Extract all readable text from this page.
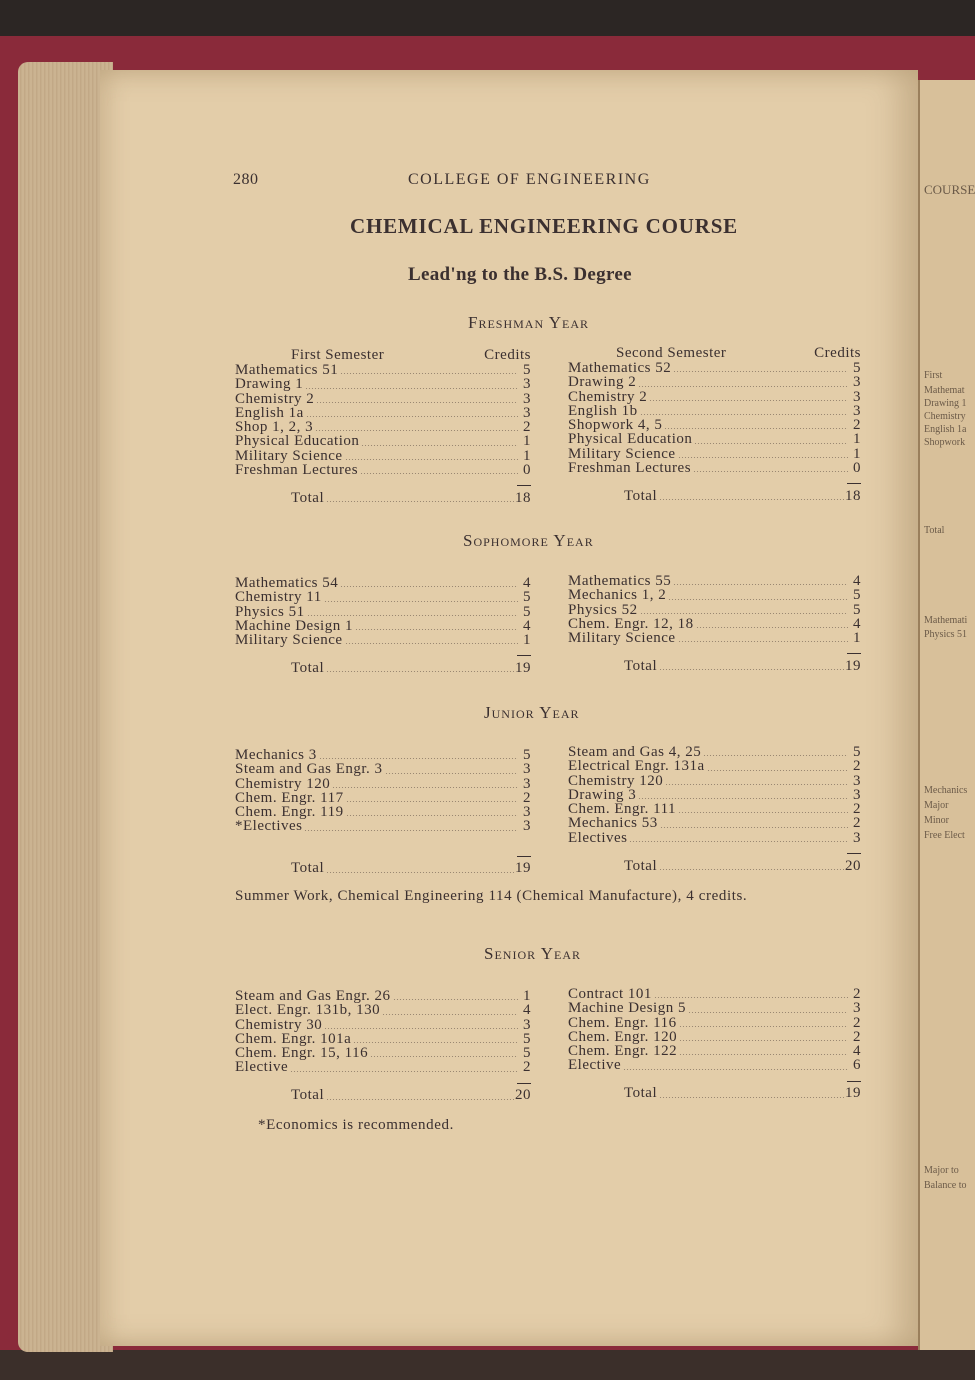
COURSE
First
Mathemat
Drawing 1
Chemistry
English 1a
Shopwork
Total
Mathemati
Physics 51
Mechanics
Major
Minor
Free Elect
Major to
Balance to
280	COLLEGE OF ENGINEERING
CHEMICAL ENGINEERING COURSE
Lead'ng to the B.S. Degree
Freshman Year
First Semester	Credits
Mathematics 51	5
Drawing 1	3
Chemistry 2	3
English 1a	3
Shop 1, 2, 3	2
Physical Education	1
Military Science	1
Freshman Lectures	0
Total	18
Second Semester	Credits
Mathematics 52	5
Drawing 2	3
Chemistry 2	3
English 1b	3
Shopwork 4, 5	2
Physical Education	1
Military Science	1
Freshman Lectures	0
Total	18
Sophomore Year
Mathematics 54	4
Chemistry 11	5
Physics 51	5
Machine Design 1	4
Military Science	1
Total	19
Mathematics 55	4
Mechanics 1, 2	5
Physics 52	5
Chem. Engr. 12, 18	4
Military Science	1
Total	19
Junior Year
Mechanics 3	5
Steam and Gas Engr. 3	3
Chemistry 120	3
Chem. Engr. 117	2
Chem. Engr. 119	3
*Electives	3
Total	19
Steam and Gas 4, 25	5
Electrical Engr. 131a	2
Chemistry 120	3
Drawing 3	3
Chem. Engr. 111	2
Mechanics 53	2
Electives	3
Total	20
Summer Work, Chemical Engineering 114 (Chemical Manufacture), 4 credits.
Senior Year
Steam and Gas Engr. 26	1
Elect. Engr. 131b, 130	4
Chemistry 30	3
Chem. Engr. 101a	5
Chem. Engr. 15, 116	5
Elective	2
Total	20
Contract 101	2
Machine Design 5	3
Chem. Engr. 116	2
Chem. Engr. 120	2
Chem. Engr. 122	4
Elective	6
Total	19
*Economics is recommended.
